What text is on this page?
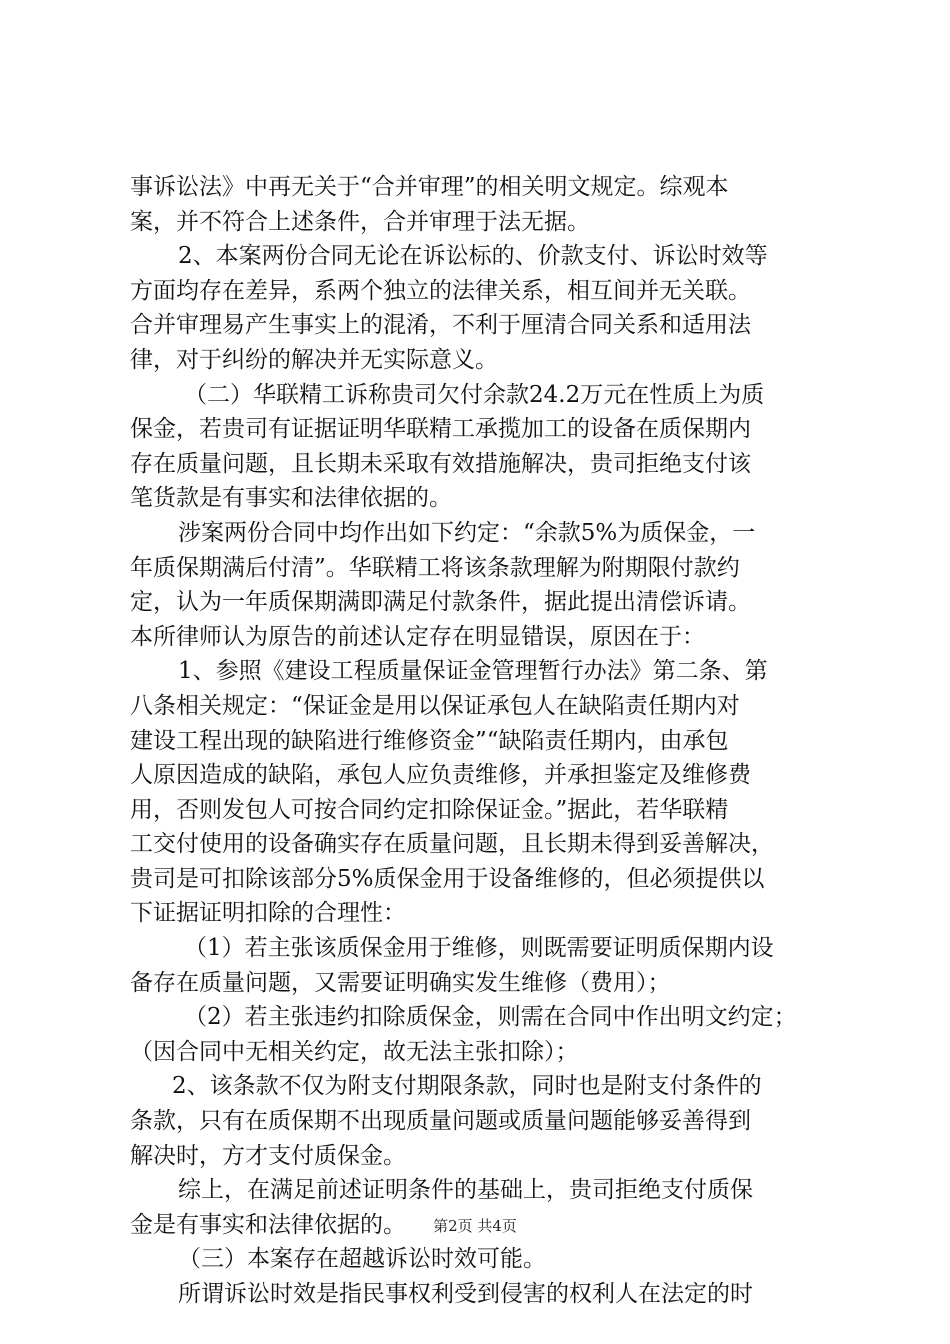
事诉讼法》中再无关于“合并审理”的相关明文规定。综观本
案，并不符合上述条件，合并审理于法无据。
2、本案两份合同无论在诉讼标的、价款支付、诉讼时效等
方面均存在差异，系两个独立的法律关系，相互间并无关联。
合并审理易产生事实上的混淆，不利于厘清合同关系和适用法
律，对于纠纷的解决并无实际意义。
（二）华联精工诉称贵司欠付余款24.2万元在性质上为质
保金，若贵司有证据证明华联精工承揽加工的设备在质保期内
存在质量问题，且长期未采取有效措施解决，贵司拒绝支付该
笔货款是有事实和法律依据的。
涉案两份合同中均作出如下约定：“余款5%为质保金，一
年质保期满后付清”。华联精工将该条款理解为附期限付款约
定，认为一年质保期满即满足付款条件，据此提出清偿诉请。
本所律师认为原告的前述认定存在明显错误，原因在于：
1、参照《建设工程质量保证金管理暂行办法》第二条、第
八条相关规定：“保证金是用以保证承包人在缺陷责任期内对
建设工程出现的缺陷进行维修资金”“缺陷责任期内，由承包
人原因造成的缺陷，承包人应负责维修，并承担鉴定及维修费
用，否则发包人可按合同约定扣除保证金。”据此，若华联精
工交付使用的设备确实存在质量问题，且长期未得到妥善解决，
贵司是可扣除该部分5%质保金用于设备维修的，但必须提供以
下证据证明扣除的合理性：
（1）若主张该质保金用于维修，则既需要证明质保期内设
备存在质量问题，又需要证明确实发生维修（费用）；
（2）若主张违约扣除质保金，则需在合同中作出明文约定；
（因合同中无相关约定，故无法主张扣除）；
2、该条款不仅为附支付期限条款，同时也是附支付条件的
条款，只有在质保期不出现质量问题或质量问题能够妥善得到
解决时，方才支付质保金。
综上，在满足前述证明条件的基础上，贵司拒绝支付质保
金是有事实和法律依据的。
（三）本案存在超越诉讼时效可能。
所谓诉讼时效是指民事权利受到侵害的权利人在法定的时
第2页 共4页
